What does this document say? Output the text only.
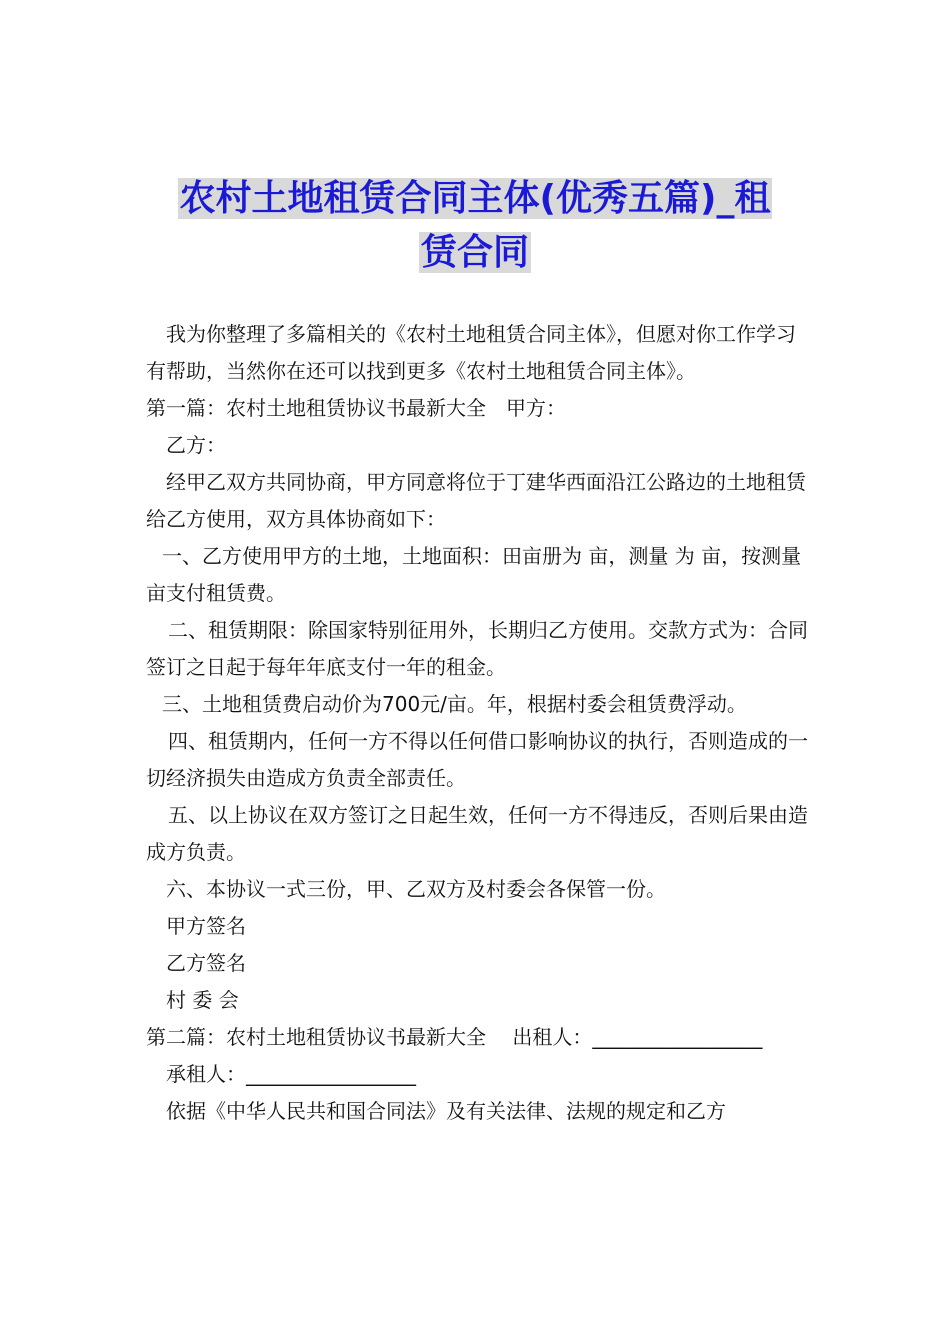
农村土地租赁合同主体(优秀五篇)_租
赁合同

我为你整理了多篇相关的《农村土地租赁合同主体》，但愿对你工作学习有帮助，当然你在还可以找到更多《农村土地租赁合同主体》。

第一篇：农村土地租赁协议书最新大全　甲方：

乙方：

经甲乙双方共同协商，甲方同意将位于丁建华西面沿江公路边的土地租赁给乙方使用，双方具体协商如下：

一、乙方使用甲方的土地，土地面积：田亩册为 亩，测量 为 亩，按测量 亩支付租赁费。

二、租赁期限：除国家特别征用外，长期归乙方使用。交款方式为：合同签订之日起于每年年底支付一年的租金。

三、土地租赁费启动价为700元/亩。年，根据村委会租赁费浮动。

四、租赁期内，任何一方不得以任何借口影响协议的执行，否则造成的一切经济损失由造成方负责全部责任。

五、以上协议在双方签订之日起生效，任何一方不得违反，否则后果由造成方负责。

六、本协议一式三份，甲、乙双方及村委会各保管一份。

甲方签名

乙方签名

村 委 会

第二篇：农村土地租赁协议书最新大全　 出租人：_________________

承租人：_________________

依据《中华人民共和国合同法》及有关法律、法规的规定和乙方
